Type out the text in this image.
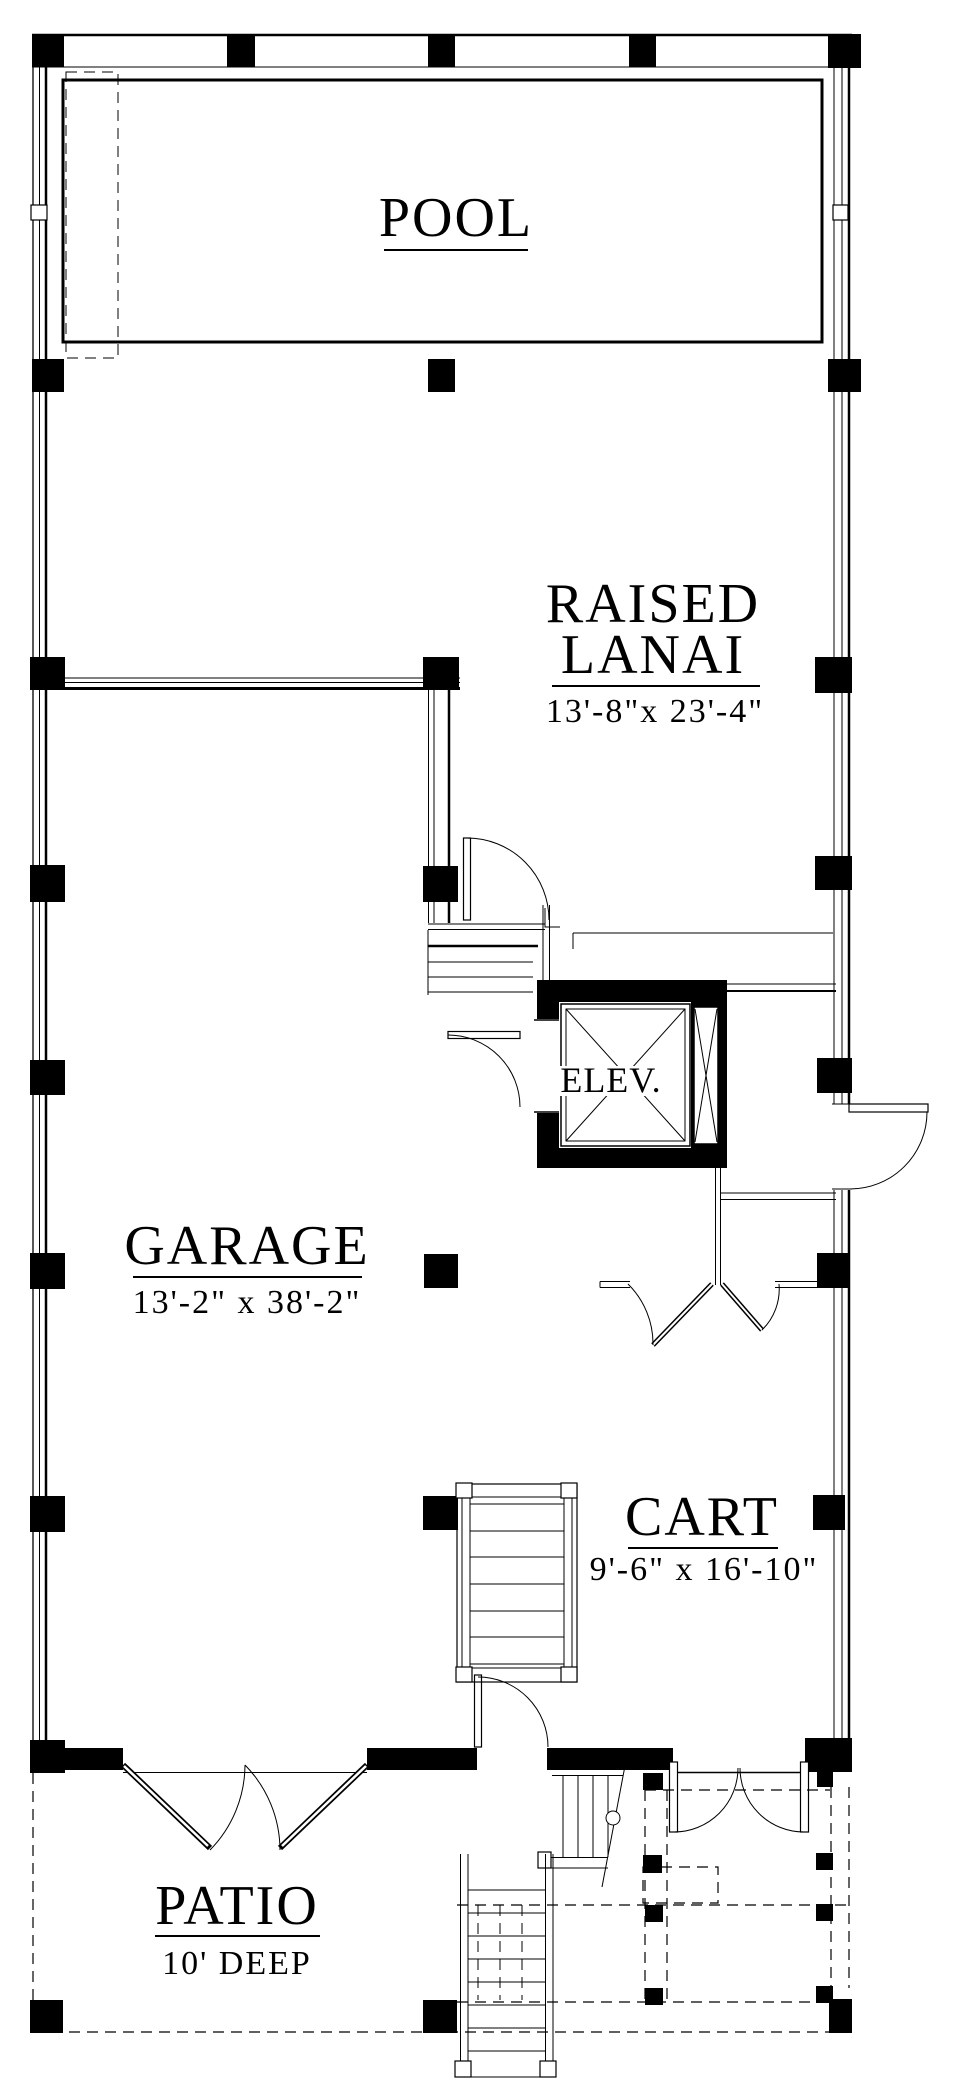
POOL
RAISED
LANAI
13'-8"x 23'-4"
GARAGE
13'-2" x 38'-2"
CART
9'-6" x 16'-10"
PATIO
10' DEEP
ELEV.
